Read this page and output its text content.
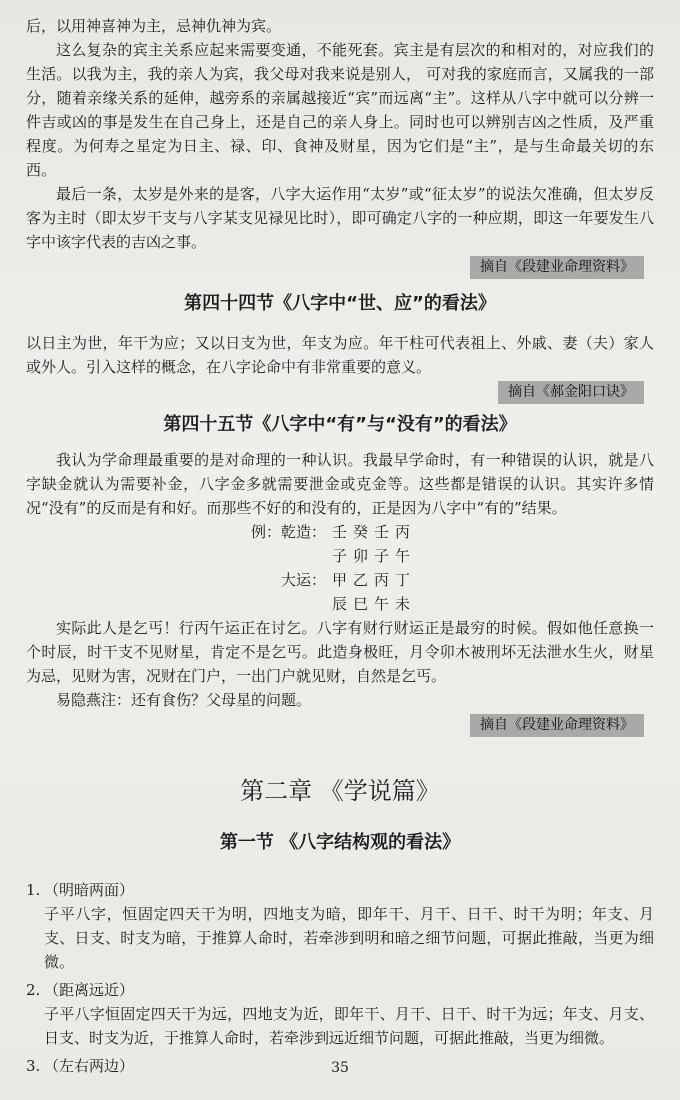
后，以用神喜神为主，忌神仇神为宾。

这么复杂的宾主关系应起来需要变通，不能死套。宾主是有层次的和相对的，对应我们的生活。以我为主，我的亲人为宾，我父母对我来说是别人， 可对我的家庭而言，又属我的一部分，随着亲缘关系的延伸，越旁系的亲属越接近“宾”而远离“主”。这样从八字中就可以分辨一件吉或凶的事是发生在自己身上，还是自己的亲人身上。同时也可以辨别吉凶之性质，及严重程度。为何寿之星定为日主、禄、印、食神及财星，因为它们是“主”，是与生命最关切的东西。

最后一条，太岁是外来的是客，八字大运作用“太岁”或“征太岁”的说法欠准确，但太岁反客为主时（即太岁干支与八字某支见禄见比时），即可确定八字的一种应期，即这一年要发生八字中该字代表的吉凶之事。

摘自《段建业命理资料》
第四十四节《八字中“世、应”的看法》

以日主为世，年干为应；又以日支为世，年支为应。年干柱可代表祖上、外戚、妻（夫）家人或外人。引入这样的概念，在八字论命中有非常重要的意义。

摘自《郝金阳口诀》
第四十五节《八字中“有”与“没有”的看法》

我认为学命理最重要的是对命理的一种认识。我最早学命时，有一种错误的认识，就是八字缺金就认为需要补金，八字金多就需要泄金或克金等。这些都是错误的认识。其实许多情况“没有”的反而是有和好。而那些不好的和没有的，正是因为八字中“有的”结果。

例：乾造： 壬癸壬丙
子卯子午
大运： 甲乙丙丁
辰巳午未

实际此人是乞丐！行丙午运正在讨乞。八字有财行财运正是最穷的时候。假如他任意换一个时辰，时干支不见财星，肯定不是乞丐。此造身极旺，月令卯木被刑坏无法泄水生火，财星为忌，见财为害，况财在门户，一出门户就见财，自然是乞丐。

易隐燕注：还有食伤？父母星的问题。

摘自《段建业命理资料》
第二章 《学说篇》
第一节 《八字结构观的看法》
1. （明暗两面）

子平八字，恒固定四天干为明，四地支为暗，即年干、月干、日干、时干为明；年支、月支、日支、时支为暗，于推算人命时，若牵涉到明和暗之细节问题，可据此推敲，当更为细微。

2. （距离远近）

子平八字恒固定四天干为远，四地支为近，即年干、月干、日干、时干为远；年支、月支、日支、时支为近，于推算人命时，若牵涉到远近细节问题，可据此推敲，当更为细微。

3. （左右两边）	35
